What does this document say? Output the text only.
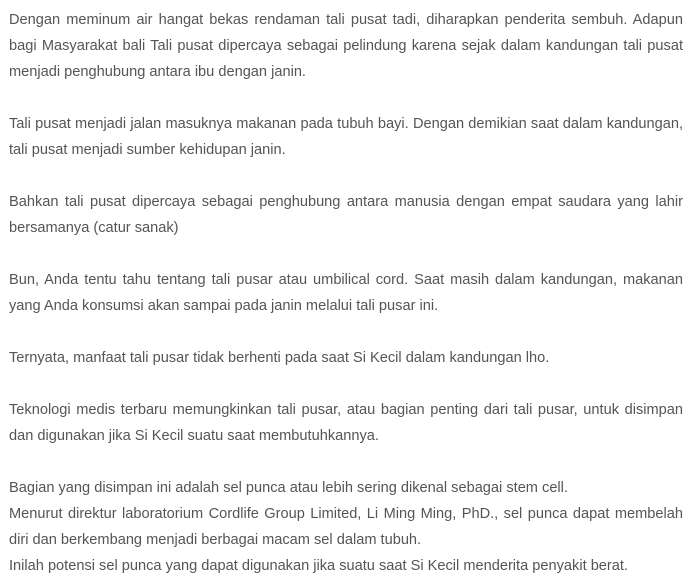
Dengan meminum air hangat bekas rendaman tali pusat tadi, diharapkan penderita sembuh. Adapun bagi Masyarakat bali Tali pusat dipercaya sebagai pelindung karena sejak dalam kandungan tali pusat menjadi penghubung antara ibu dengan janin.

Tali pusat menjadi jalan masuknya makanan pada tubuh bayi. Dengan demikian saat dalam kandungan, tali pusat menjadi sumber kehidupan janin.

Bahkan tali pusat dipercaya sebagai penghubung antara manusia dengan empat saudara yang lahir bersamanya (catur sanak)

Bun, Anda tentu tahu tentang tali pusar atau umbilical cord. Saat masih dalam kandungan, makanan yang Anda konsumsi akan sampai pada janin melalui tali pusar ini.

Ternyata, manfaat tali pusar tidak berhenti pada saat Si Kecil dalam kandungan lho.

Teknologi medis terbaru memungkinkan tali pusar, atau bagian penting dari tali pusar, untuk disimpan dan digunakan jika Si Kecil suatu saat membutuhkannya.

Bagian yang disimpan ini adalah sel punca atau lebih sering dikenal sebagai stem cell.

Menurut direktur laboratorium Cordlife Group Limited, Li Ming Ming, PhD., sel punca dapat membelah diri dan berkembang menjadi berbagai macam sel dalam tubuh.

Inilah potensi sel punca yang dapat digunakan jika suatu saat Si Kecil menderita penyakit berat.
